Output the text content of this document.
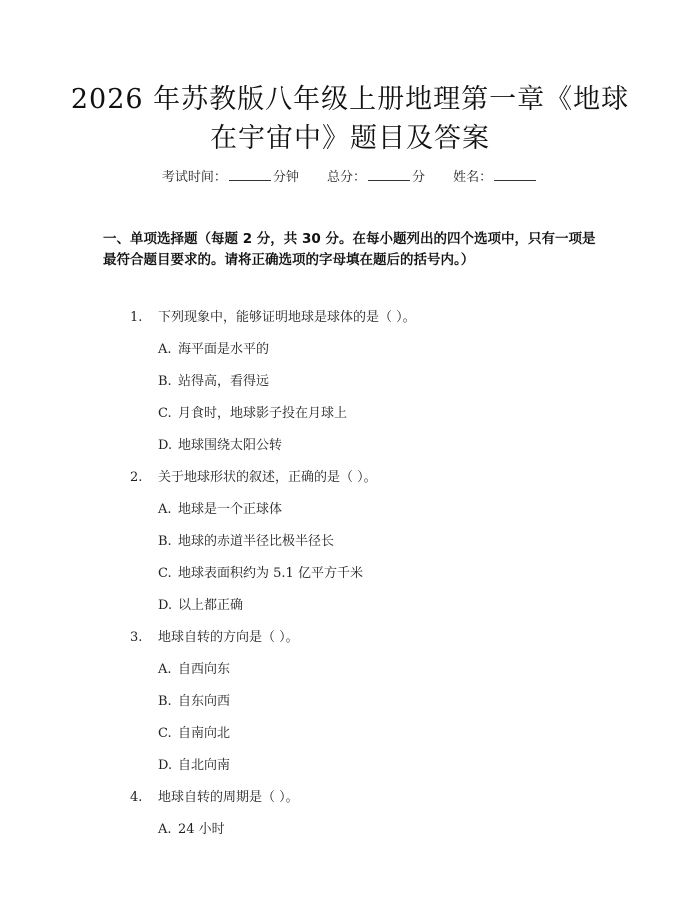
2026 年苏教版八年级上册地理第一章《地球
在宇宙中》题目及答案
考试时间：	分钟 总分：	分 姓名：
一、单项选择题（每题 2 分，共 30 分。在每小题列出的四个选项中，只有一项是
最符合题目要求的。请将正确选项的字母填在题后的括号内。）
1. 下列现象中，能够证明地球是球体的是（ ）。
A. 海平面是水平的
B. 站得高，看得远
C. 月食时，地球影子投在月球上
D. 地球围绕太阳公转
2. 关于地球形状的叙述，正确的是（ ）。
A. 地球是一个正球体
B. 地球的赤道半径比极半径长
C. 地球表面积约为 5.1 亿平方千米
D. 以上都正确
3. 地球自转的方向是（ ）。
A. 自西向东
B. 自东向西
C. 自南向北
D. 自北向南
4. 地球自转的周期是（ ）。
A. 24 小时
